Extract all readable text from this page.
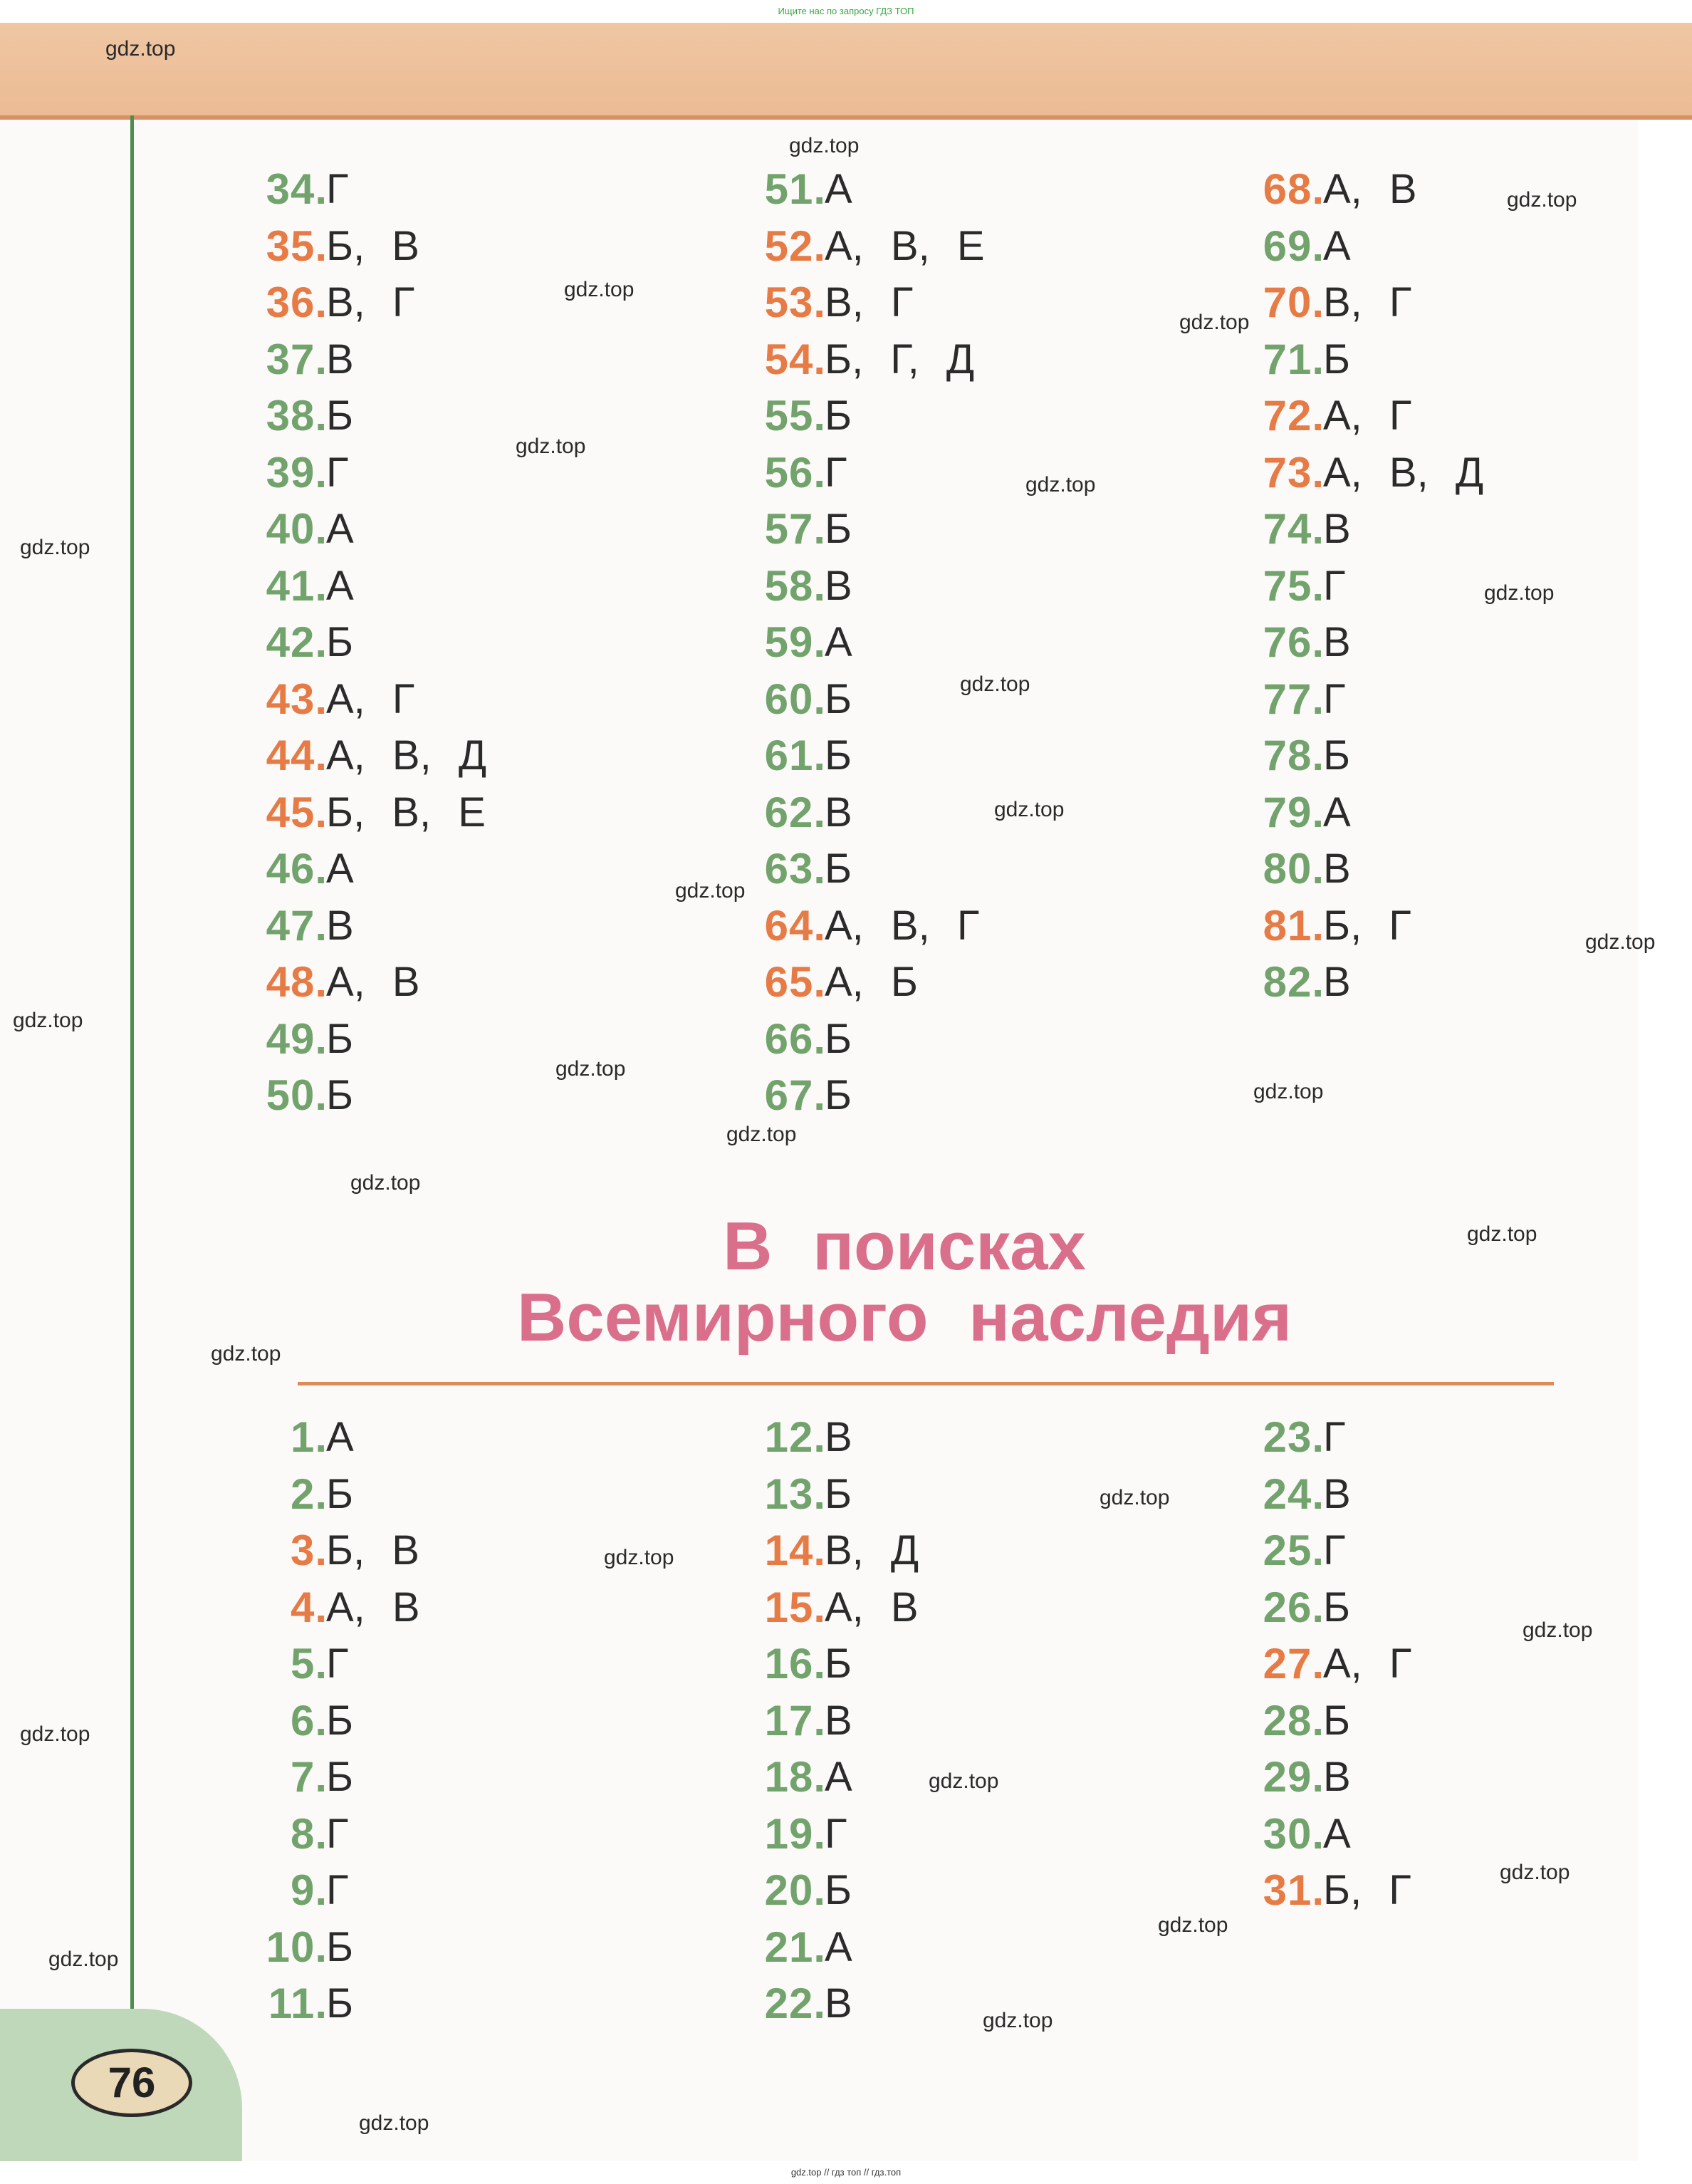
Ищите нас по запросу ГДЗ ТОП
76
34.
Г
35.
Б, В
36.
В, Г
37.
В
38.
Б
39.
Г
40.
А
41.
А
42.
Б
43.
А, Г
44.
А, В, Д
45.
Б, В, Е
46.
А
47.
В
48.
А, В
49.
Б
50.
Б
51.
А
52.
А, В, Е
53.
В, Г
54.
Б, Г, Д
55.
Б
56.
Г
57.
Б
58.
В
59.
А
60.
Б
61.
Б
62.
В
63.
Б
64.
А, В, Г
65.
А, Б
66.
Б
67.
Б
68.
А, В
69.
А
70.
В, Г
71.
Б
72.
А, Г
73.
А, В, Д
74.
В
75.
Г
76.
В
77.
Г
78.
Б
79.
А
80.
В
81.
Б, Г
82.
В
В поисках
Всемирного наследия
1.
А
2.
Б
3.
Б, В
4.
А, В
5.
Г
6.
Б
7.
Б
8.
Г
9.
Г
10.
Б
11.
Б
12.
В
13.
Б
14.
В, Д
15.
А, В
16.
Б
17.
В
18.
А
19.
Г
20.
Б
21.
А
22.
В
23.
Г
24.
В
25.
Г
26.
Б
27.
А, Г
28.
Б
29.
В
30.
А
31.
Б, Г
gdz.top
gdz.top
gdz.top
gdz.top
gdz.top
gdz.top
gdz.top
gdz.top
gdz.top
gdz.top
gdz.top
gdz.top
gdz.top
gdz.top
gdz.top
gdz.top
gdz.top
gdz.top
gdz.top
gdz.top
gdz.top
gdz.top
gdz.top
gdz.top
gdz.top
gdz.top
gdz.top
gdz.top
gdz.top
gdz.top
gdz.top // гдз топ // гдз.топ
